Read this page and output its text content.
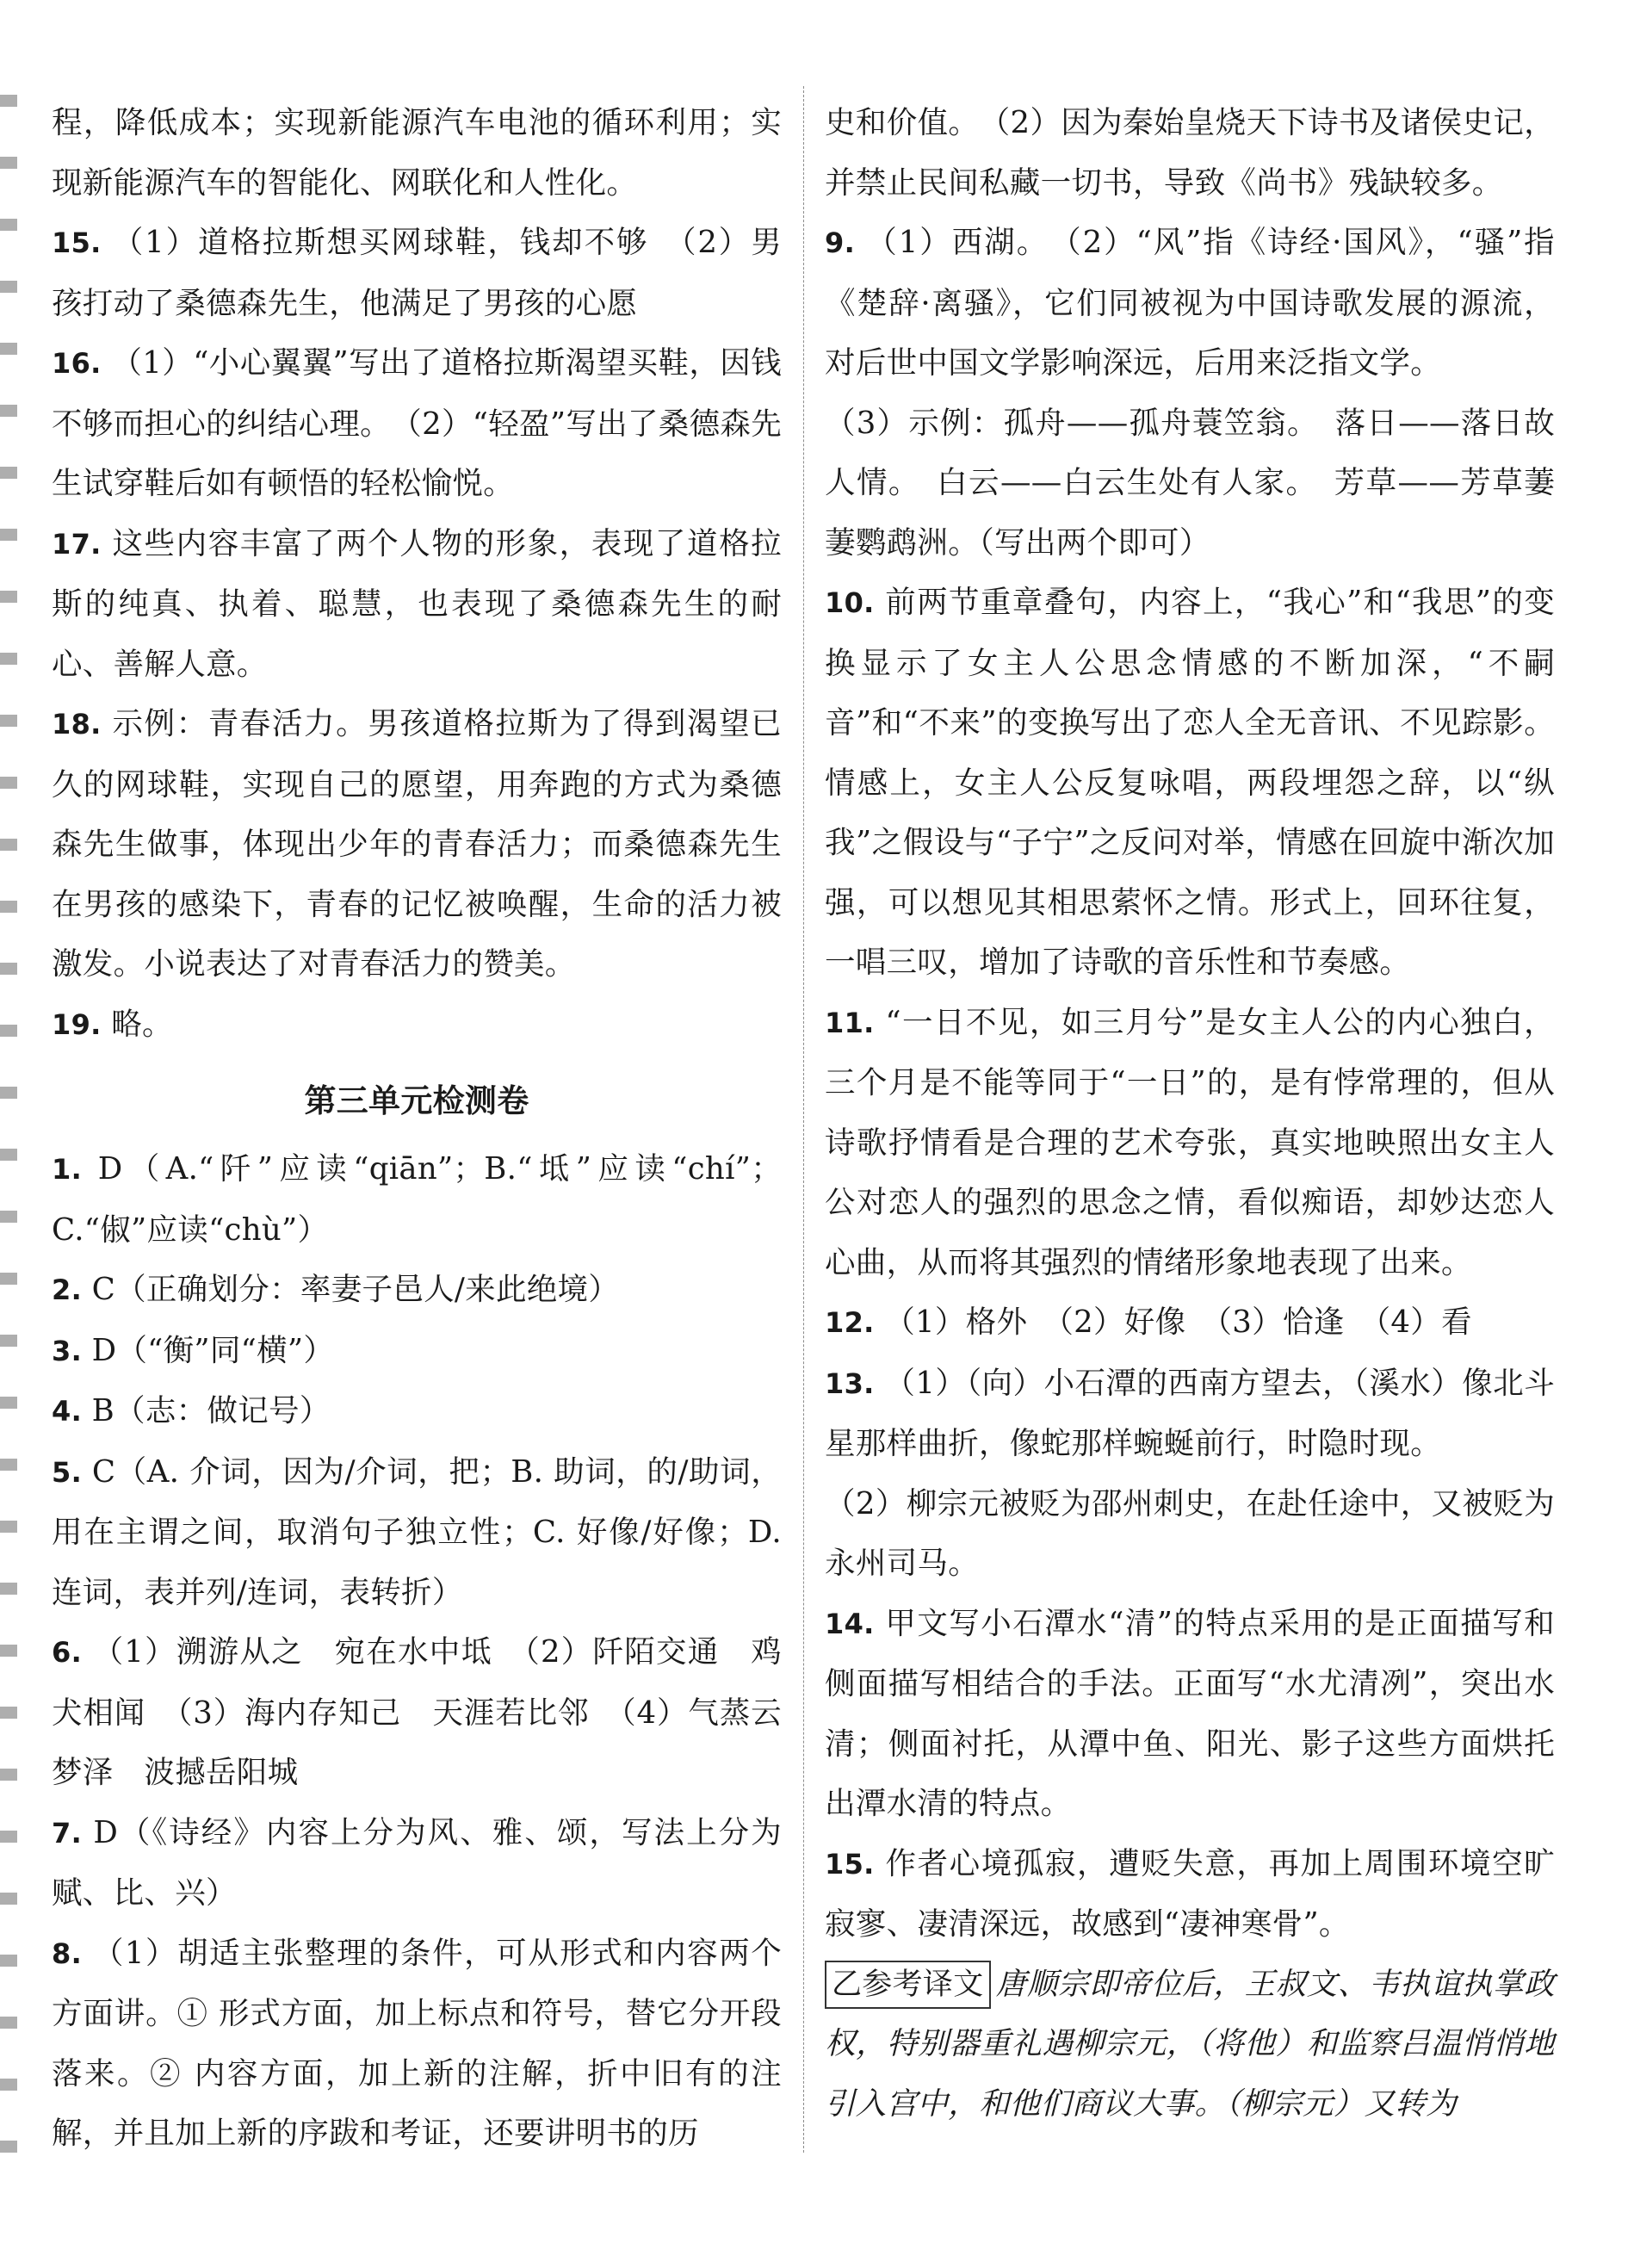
程，降低成本；实现新能源汽车电池的循环利用；实现新能源汽车的智能化、网联化和人性化。

15. （1）道格拉斯想买网球鞋，钱却不够　（2）男孩打动了桑德森先生，他满足了男孩的心愿

16. （1）“小心翼翼”写出了道格拉斯渴望买鞋，因钱不够而担心的纠结心理。　（2）“轻盈”写出了桑德森先生试穿鞋后如有顿悟的轻松愉悦。

17. 这些内容丰富了两个人物的形象，表现了道格拉斯的纯真、执着、聪慧，也表现了桑德森先生的耐心、善解人意。

18. 示例：青春活力。男孩道格拉斯为了得到渴望已久的网球鞋，实现自己的愿望，用奔跑的方式为桑德森先生做事，体现出少年的青春活力；而桑德森先生在男孩的感染下，青春的记忆被唤醒，生命的活力被激发。小说表达了对青春活力的赞美。

19. 略。

第三单元检测卷

1. D（A.“阡”应读“qiān”；B.“坻”应读“chí”；C.“俶”应读“chù”）

2. C（正确划分：率妻子邑人/来此绝境）

3. D（“衡”同“横”）

4. B（志：做记号）

5. C（A. 介词，因为/介词，把；B. 助词，的/助词，用在主谓之间，取消句子独立性；C. 好像/好像；D. 连词，表并列/连词，表转折）

6. （1）溯游从之　宛在水中坻　（2）阡陌交通　鸡犬相闻　（3）海内存知己　天涯若比邻　（4）气蒸云梦泽　波撼岳阳城

7. D（《诗经》内容上分为风、雅、颂，写法上分为赋、比、兴）

8. （1）胡适主张整理的条件，可从形式和内容两个方面讲。① 形式方面，加上标点和符号，替它分开段落来。② 内容方面，加上新的注解，折中旧有的注解，并且加上新的序跋和考证，还要讲明书的历

史和价值。　（2）因为秦始皇烧天下诗书及诸侯史记，并禁止民间私藏一切书，导致《尚书》残缺较多。

9. （1）西湖。　（2）“风”指《诗经·国风》，“骚”指《楚辞·离骚》，它们同被视为中国诗歌发展的源流，对后世中国文学影响深远，后用来泛指文学。

（3）示例：孤舟——孤舟蓑笠翁。　落日——落日故人情。　白云——白云生处有人家。　芳草——芳草萋萋鹦鹉洲。（写出两个即可）

10. 前两节重章叠句，内容上，“我心”和“我思”的变换显示了女主人公思念情感的不断加深，“不嗣音”和“不来”的变换写出了恋人全无音讯、不见踪影。情感上，女主人公反复咏唱，两段埋怨之辞，以“纵我”之假设与“子宁”之反问对举，情感在回旋中渐次加强，可以想见其相思萦怀之情。形式上，回环往复，一唱三叹，增加了诗歌的音乐性和节奏感。

11. “一日不见，如三月兮”是女主人公的内心独白，三个月是不能等同于“一日”的，是有悖常理的，但从诗歌抒情看是合理的艺术夸张，真实地映照出女主人公对恋人的强烈的思念之情，看似痴语，却妙达恋人心曲，从而将其强烈的情绪形象地表现了出来。

12. （1）格外　（2）好像　（3）恰逢　（4）看

13. （1）（向）小石潭的西南方望去，（溪水）像北斗星那样曲折，像蛇那样蜿蜒前行，时隐时现。

（2）柳宗元被贬为邵州刺史，在赴任途中，又被贬为永州司马。

14. 甲文写小石潭水“清”的特点采用的是正面描写和侧面描写相结合的手法。正面写“水尤清冽”，突出水清；侧面衬托，从潭中鱼、阳光、影子这些方面烘托出潭水清的特点。

15. 作者心境孤寂，遭贬失意，再加上周围环境空旷寂寥、凄清深远，故感到“凄神寒骨”。

乙参考译文 唐顺宗即帝位后，王叔文、韦执谊执掌政权，特别器重礼遇柳宗元，（将他）和监察吕温悄悄地引入宫中，和他们商议大事。（柳宗元）又转为
